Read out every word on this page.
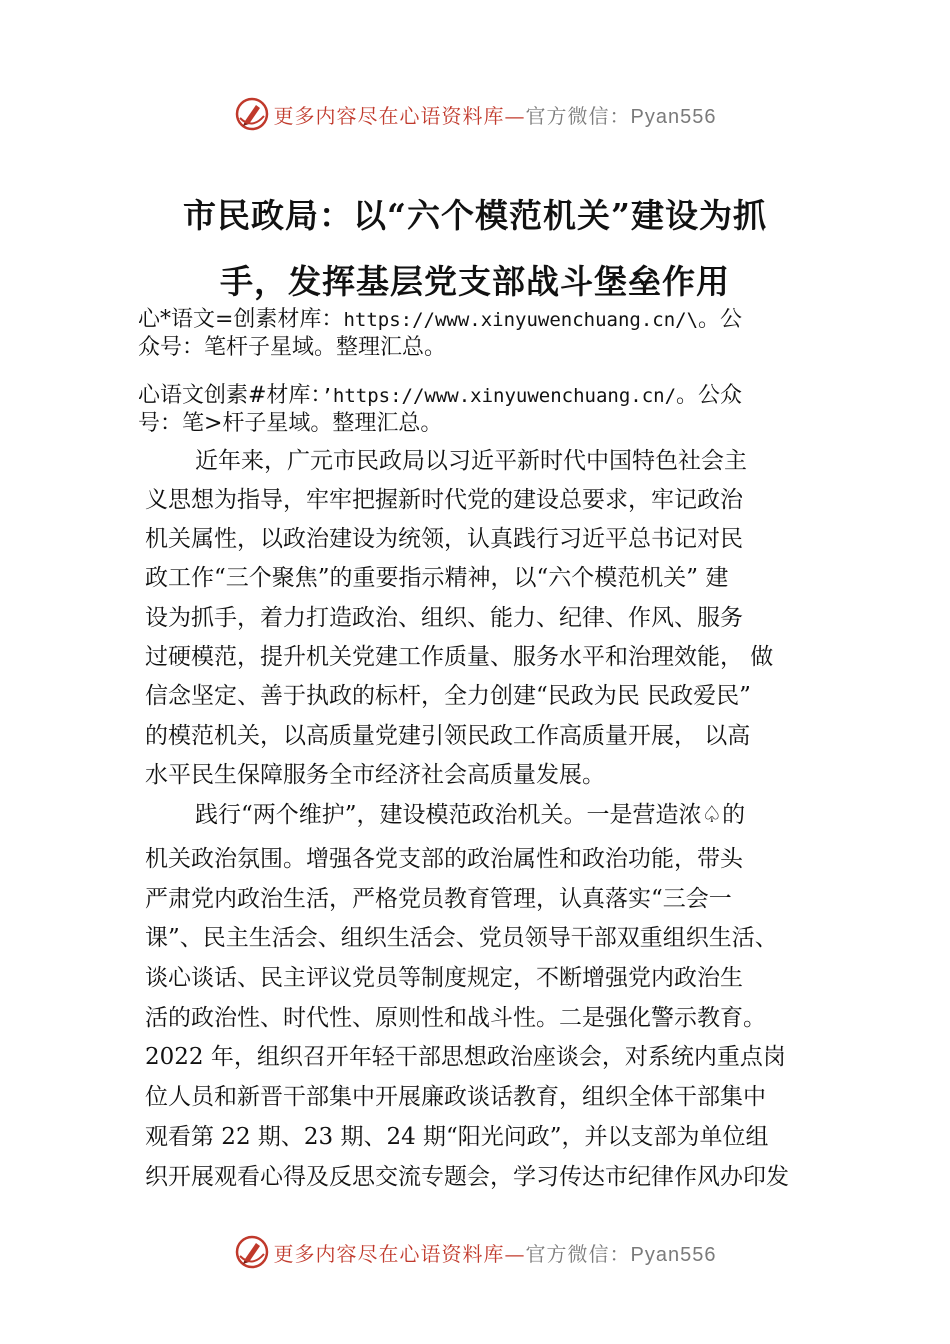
更多内容尽在心语资料库—官方微信：Pyan556
市民政局：以“六个模范机关”建设为抓
手，发挥基层党支部战斗堡垒作用
心*语文=创素材库：https://www.xinyuwenchuang.cn/\。公
众号：笔杆子星域。整理汇总。
心语文创素#材库：’https://www.xinyuwenchuang.cn/。公众
号：笔>杆子星域。整理汇总。
近年来，广元市民政局以习近平新时代中国特色社会主
义思想为指导，牢牢把握新时代党的建设总要求，牢记政治
机关属性，以政治建设为统领，认真践行习近平总书记对民
政工作“三个聚焦”的重要指示精神，以“六个模范机关” 建
设为抓手，着力打造政治、组织、能力、纪律、作风、服务
过硬模范，提升机关党建工作质量、服务水平和治理效能， 做
信念坚定、善于执政的标杆，全力创建“民政为民 民政爱民”
的模范机关，以高质量党建引领民政工作高质量开展， 以高
水平民生保障服务全市经济社会高质量发展。
践行“两个维护”，建设模范政治机关。一是营造浓♤的
机关政治氛围。增强各党支部的政治属性和政治功能，带头
严肃党内政治生活，严格党员教育管理，认真落实“三会一
课”、民主生活会、组织生活会、党员领导干部双重组织生活、
谈心谈话、民主评议党员等制度规定，不断增强党内政治生
活的政治性、时代性、原则性和战斗性。二是强化警示教育。
2022 年，组织召开年轻干部思想政治座谈会，对系统内重点岗
位人员和新晋干部集中开展廉政谈话教育，组织全体干部集中
观看第 22 期、23 期、24 期“阳光问政”，并以支部为单位组
织开展观看心得及反思交流专题会，学习传达市纪律作风办印发
更多内容尽在心语资料库—官方微信：Pyan556
